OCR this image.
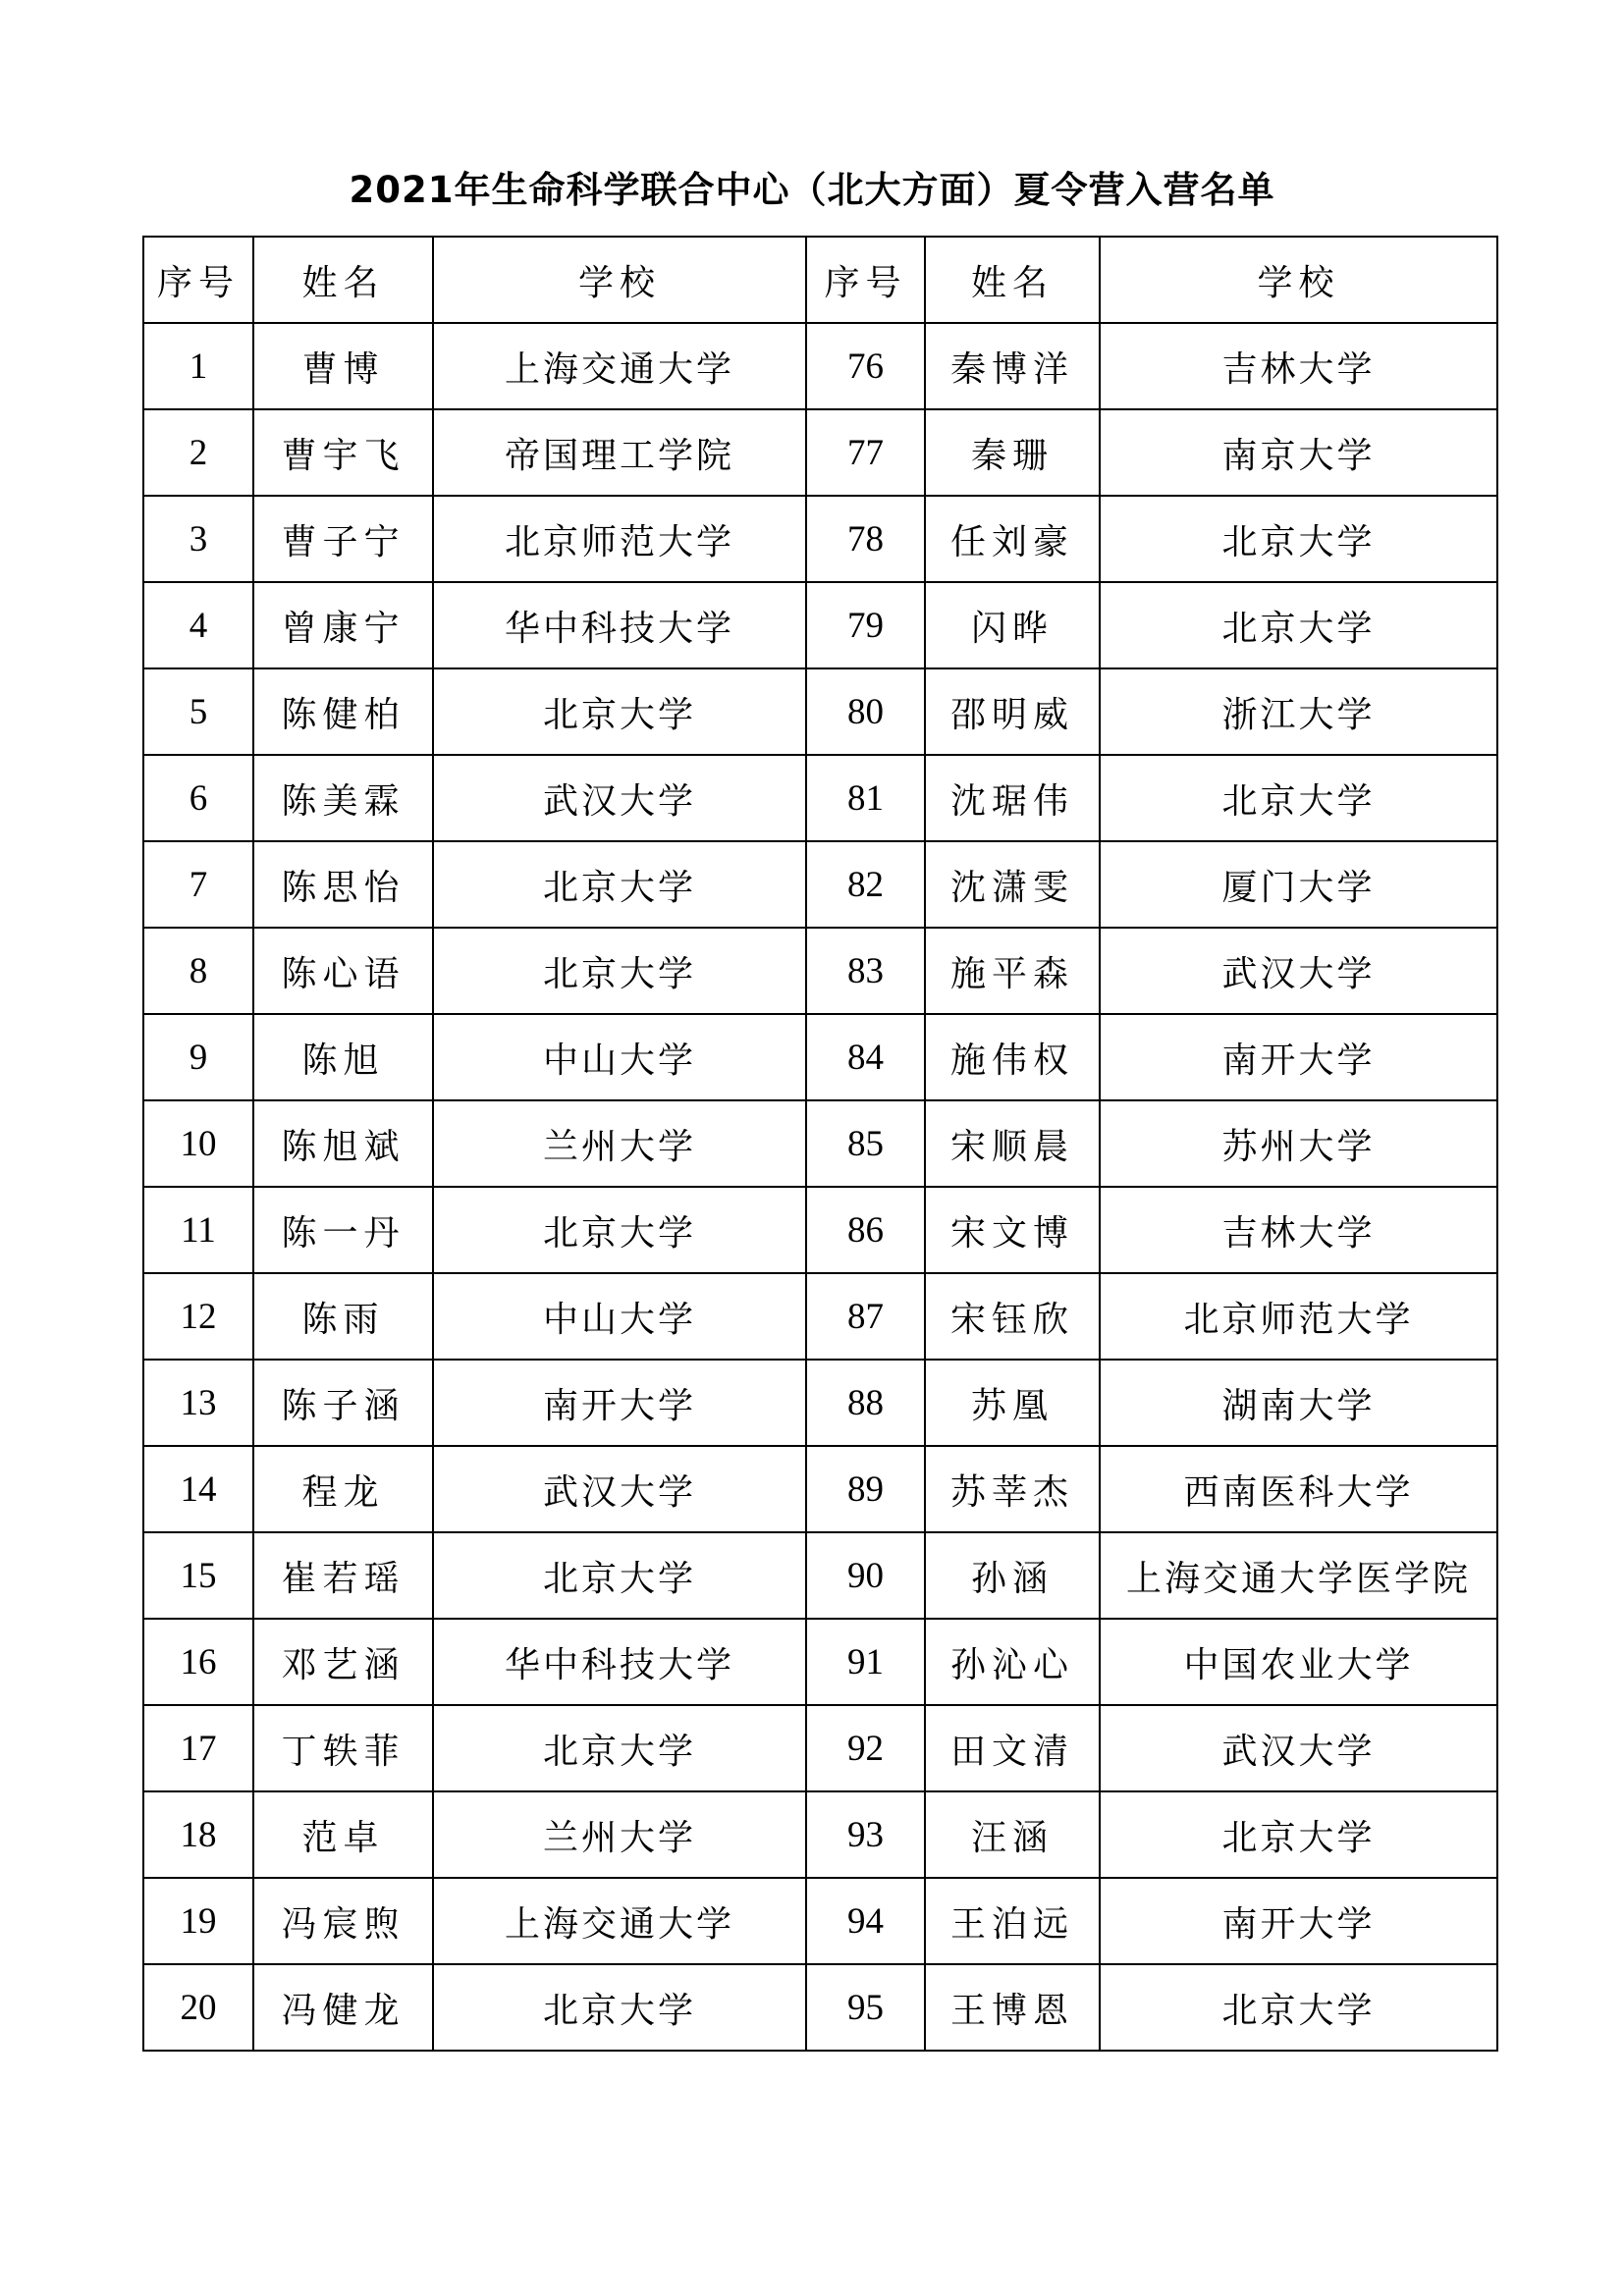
2021年生命科学联合中心（北大方面）夏令营入营名单
序号	姓名	学校	序号	姓名	学校
1	曹博	上海交通大学	76	秦博洋	吉林大学
2	曹宇飞	帝国理工学院	77	秦珊	南京大学
3	曹子宁	北京师范大学	78	任刘豪	北京大学
4	曾康宁	华中科技大学	79	闪晔	北京大学
5	陈健柏	北京大学	80	邵明威	浙江大学
6	陈美霖	武汉大学	81	沈琚伟	北京大学
7	陈思怡	北京大学	82	沈潇雯	厦门大学
8	陈心语	北京大学	83	施平森	武汉大学
9	陈旭	中山大学	84	施伟权	南开大学
10	陈旭斌	兰州大学	85	宋顺晨	苏州大学
11	陈一丹	北京大学	86	宋文博	吉林大学
12	陈雨	中山大学	87	宋钰欣	北京师范大学
13	陈子涵	南开大学	88	苏凰	湖南大学
14	程龙	武汉大学	89	苏莘杰	西南医科大学
15	崔若瑶	北京大学	90	孙涵	上海交通大学医学院
16	邓艺涵	华中科技大学	91	孙沁心	中国农业大学
17	丁轶菲	北京大学	92	田文清	武汉大学
18	范卓	兰州大学	93	汪涵	北京大学
19	冯宸煦	上海交通大学	94	王泊远	南开大学
20	冯健龙	北京大学	95	王博恩	北京大学
